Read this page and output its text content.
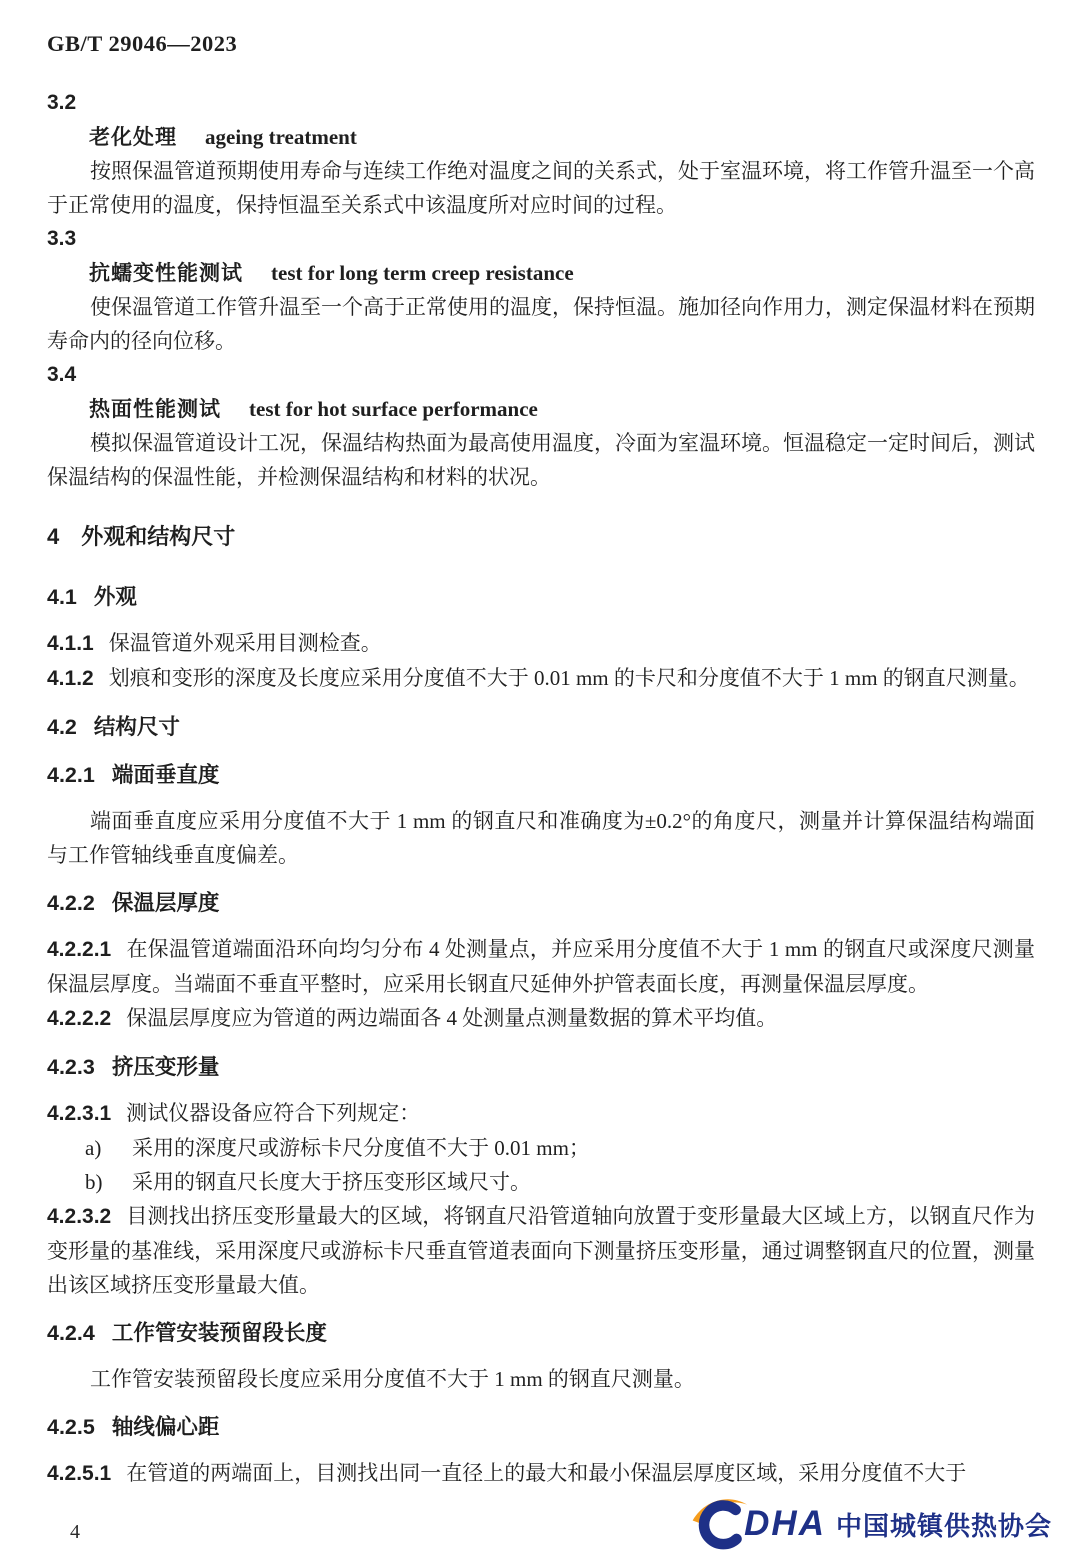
GB/T 29046—2023

3.2

老化处理 ageing treatment

按照保温管道预期使用寿命与连续工作绝对温度之间的关系式，处于室温环境，将工作管升温至一个高于正常使用的温度，保持恒温至关系式中该温度所对应时间的过程。

3.3

抗蠕变性能测试 test for long term creep resistance

使保温管道工作管升温至一个高于正常使用的温度，保持恒温。施加径向作用力，测定保温材料在预期寿命内的径向位移。

3.4

热面性能测试 test for hot surface performance

模拟保温管道设计工况，保温结构热面为最高使用温度，冷面为室温环境。恒温稳定一定时间后，测试保温结构的保温性能，并检测保温结构和材料的状况。

4 外观和结构尺寸

4.1 外观

4.1.1 保温管道外观采用目测检查。

4.1.2 划痕和变形的深度及长度应采用分度值不大于 0.01 mm 的卡尺和分度值不大于 1 mm 的钢直尺测量。

4.2 结构尺寸

4.2.1 端面垂直度

端面垂直度应采用分度值不大于 1 mm 的钢直尺和准确度为±0.2°的角度尺，测量并计算保温结构端面与工作管轴线垂直度偏差。

4.2.2 保温层厚度

4.2.2.1 在保温管道端面沿环向均匀分布 4 处测量点，并应采用分度值不大于 1 mm 的钢直尺或深度尺测量保温层厚度。当端面不垂直平整时，应采用长钢直尺延伸外护管表面长度，再测量保温层厚度。

4.2.2.2 保温层厚度应为管道的两边端面各 4 处测量点测量数据的算术平均值。

4.2.3 挤压变形量

4.2.3.1 测试仪器设备应符合下列规定：

a) 采用的深度尺或游标卡尺分度值不大于 0.01 mm；

b) 采用的钢直尺长度大于挤压变形区域尺寸。

4.2.3.2 目测找出挤压变形量最大的区域，将钢直尺沿管道轴向放置于变形量最大区域上方，以钢直尺作为变形量的基准线，采用深度尺或游标卡尺垂直管道表面向下测量挤压变形量，通过调整钢直尺的位置，测量出该区域挤压变形量最大值。

4.2.4 工作管安装预留段长度

工作管安装预留段长度应采用分度值不大于 1 mm 的钢直尺测量。

4.2.5 轴线偏心距

4.2.5.1 在管道的两端面上，目测找出同一直径上的最大和最小保温层厚度区域，采用分度值不大于

4	DHA 中国城镇供热协会
